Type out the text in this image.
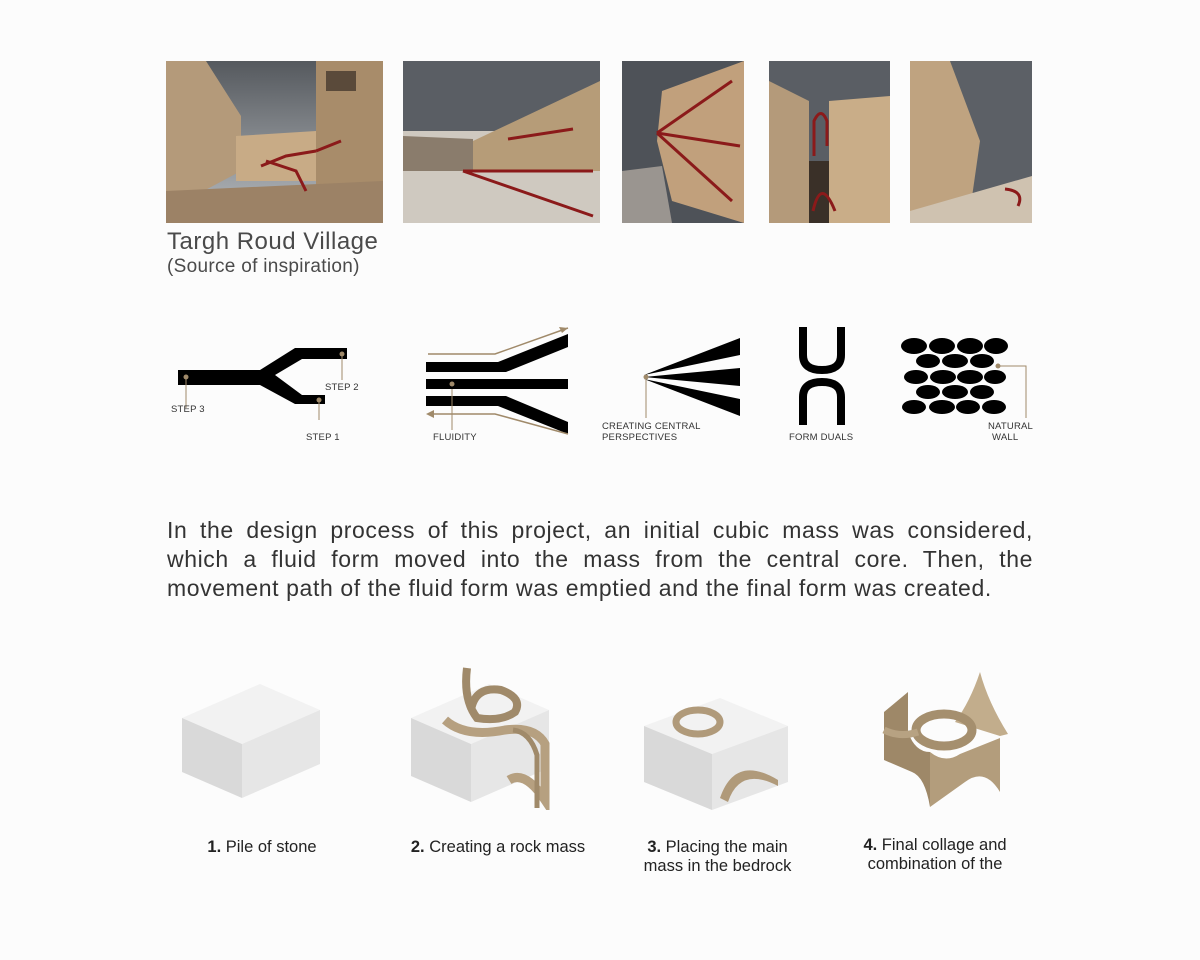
Targh Roud Village
(Source of inspiration)
STEP 3
STEP 2
STEP 1	FLUIDITY
CREATING CENTRAL
PERSPECTIVES	FORM DUALS
NATURAL
WALL
In the design process of this project, an initial cubic mass was considered, which a fluid form moved into the mass from the central core. Then, the movement path of the fluid form was emptied and the final form was created.
1. Pile of stone	2. Creating a rock mass	3. Placing the main
mass in the bedrock
4. Final collage and
combination of the
